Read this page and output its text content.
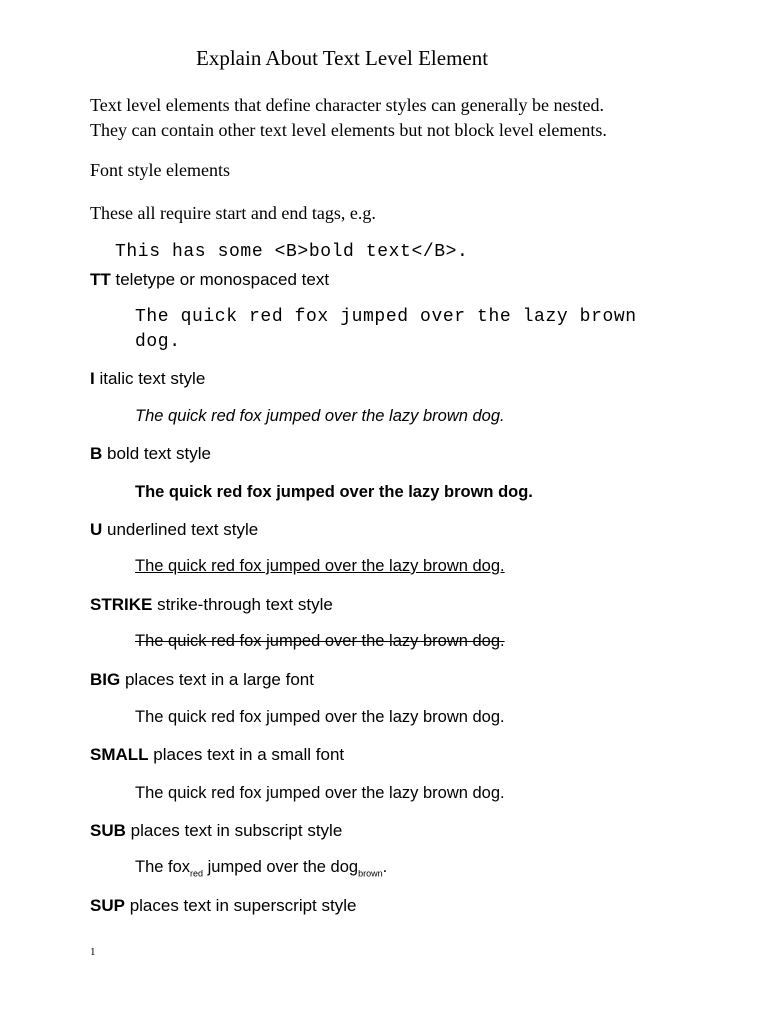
Explain About Text Level Element
Text level elements that define character styles can generally be nested.
They can contain other text level elements but not block level elements.
Font style elements
These all require start and end tags, e.g.
This has some <B>bold text</B>.
TT teletype or monospaced text
The quick red fox jumped over the lazy brown
dog.
I italic text style
The quick red fox jumped over the lazy brown dog.
B bold text style
The quick red fox jumped over the lazy brown dog.
U underlined text style
The quick red fox jumped over the lazy brown dog.
STRIKE strike-through text style
The quick red fox jumped over the lazy brown dog.
BIG places text in a large font
The quick red fox jumped over the lazy brown dog.
SMALL places text in a small font
The quick red fox jumped over the lazy brown dog.
SUB places text in subscript style
The fox$_{red}$ jumped over the dog$_{brown}$.
SUP places text in superscript style
1
